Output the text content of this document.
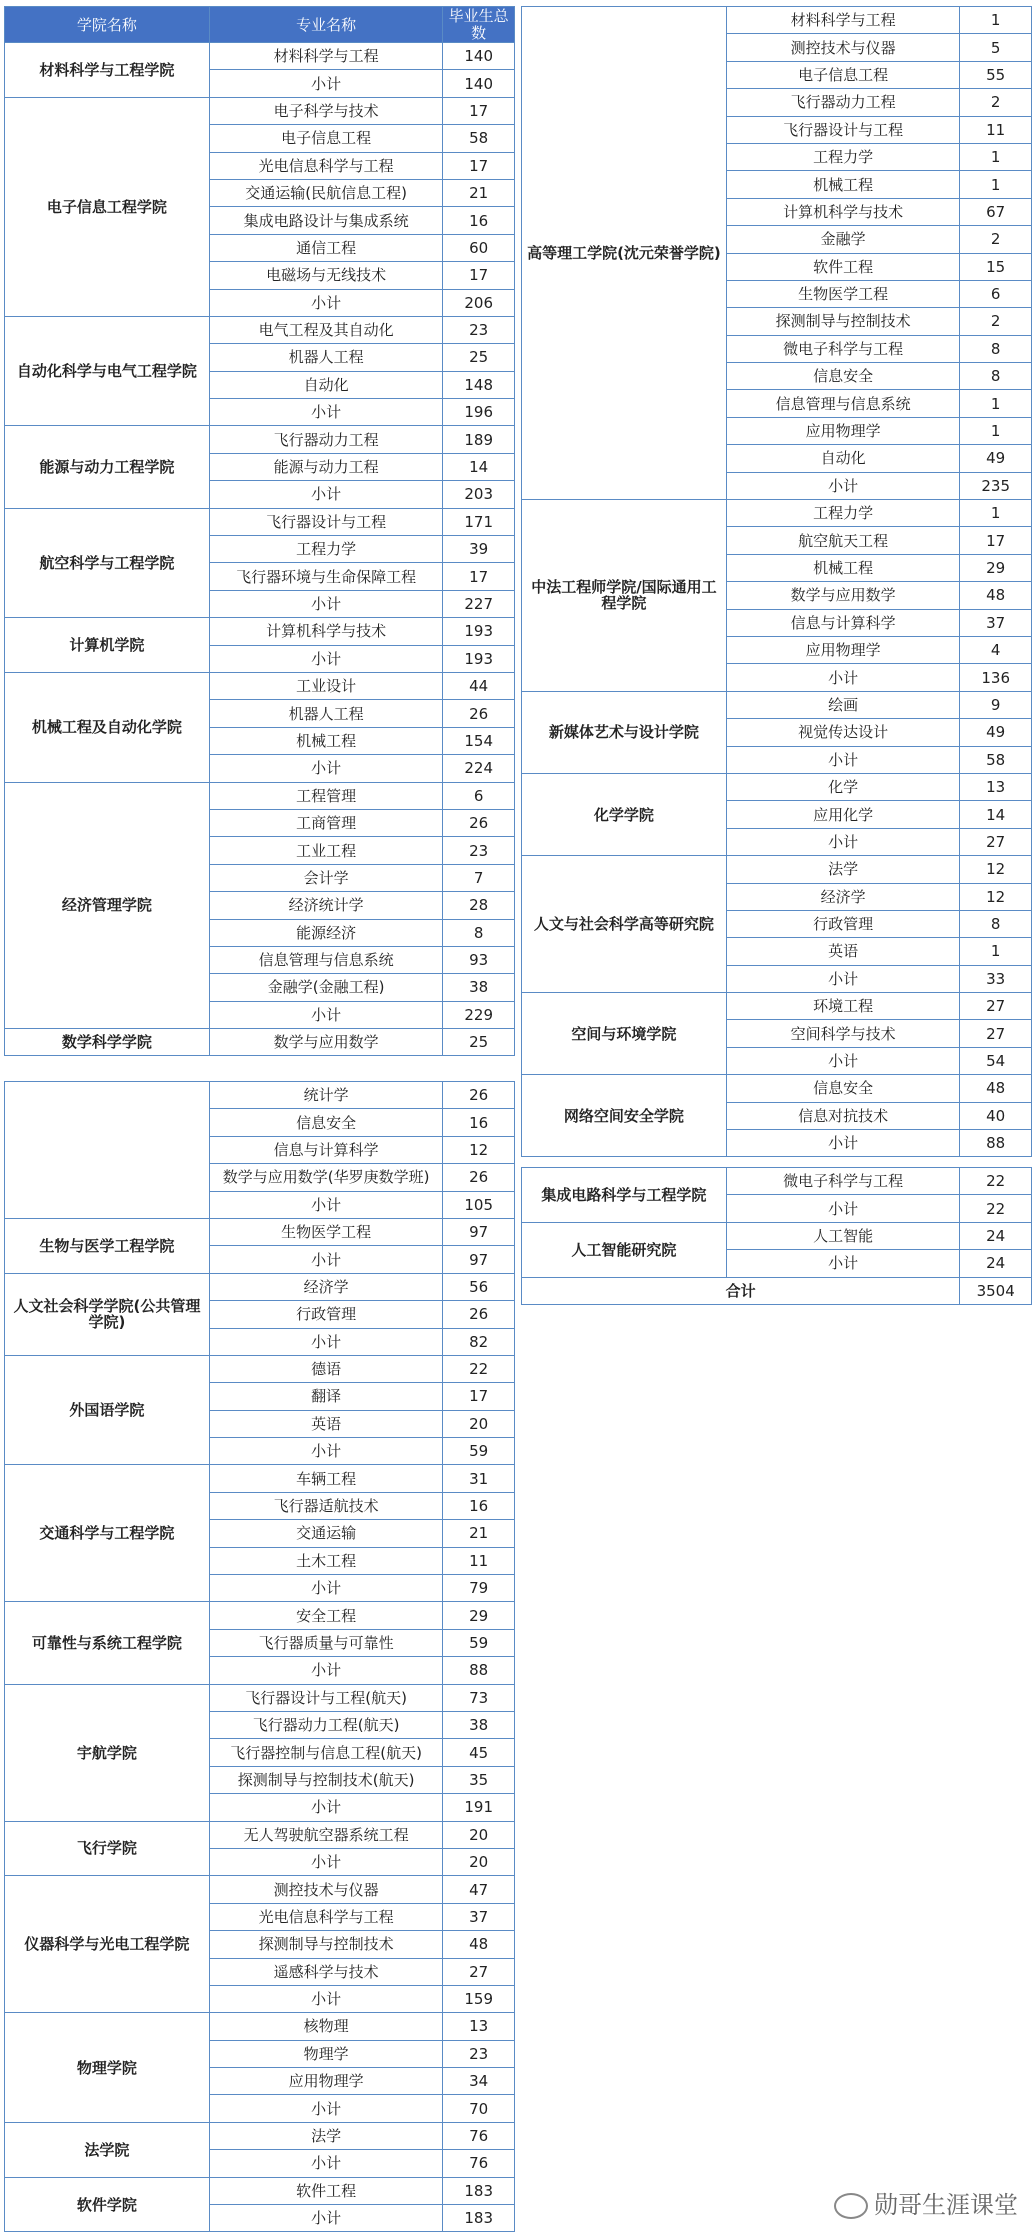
学院名称	专业名称	毕业生总数
材料科学与工程学院	材料科学与工程	140
	小计	140
电子信息工程学院	电子科学与技术	17
	电子信息工程	58
	光电信息科学与工程	17
	交通运输(民航信息工程)	21
	集成电路设计与集成系统	16
	通信工程	60
	电磁场与无线技术	17
	小计	206
自动化科学与电气工程学院	电气工程及其自动化	23
	机器人工程	25
	自动化	148
	小计	196
能源与动力工程学院	飞行器动力工程	189
	能源与动力工程	14
	小计	203
航空科学与工程学院	飞行器设计与工程	171
	工程力学	39
	飞行器环境与生命保障工程	17
	小计	227
计算机学院	计算机科学与技术	193
	小计	193
机械工程及自动化学院	工业设计	44
	机器人工程	26
	机械工程	154
	小计	224
经济管理学院	工程管理	6
	工商管理	26
	工业工程	23
	会计学	7
	经济统计学	28
	能源经济	8
	信息管理与信息系统	93
	金融学(金融工程)	38
	小计	229
数学科学学院	数学与应用数学	25
	统计学	26
	信息安全	16
	信息与计算科学	12
	数学与应用数学(华罗庚数学班)	26
	小计	105
生物与医学工程学院	生物医学工程	97
	小计	97
人文社会科学学院(公共管理学院)	经济学	56
	行政管理	26
	小计	82
外国语学院	德语	22
	翻译	17
	英语	20
	小计	59
交通科学与工程学院	车辆工程	31
	飞行器适航技术	16
	交通运输	21
	土木工程	11
	小计	79
可靠性与系统工程学院	安全工程	29
	飞行器质量与可靠性	59
	小计	88
宇航学院	飞行器设计与工程(航天)	73
	飞行器动力工程(航天)	38
	飞行器控制与信息工程(航天)	45
	探测制导与控制技术(航天)	35
	小计	191
飞行学院	无人驾驶航空器系统工程	20
	小计	20
仪器科学与光电工程学院	测控技术与仪器	47
	光电信息科学与工程	37
	探测制导与控制技术	48
	遥感科学与技术	27
	小计	159
物理学院	核物理	13
	物理学	23
	应用物理学	34
	小计	70
法学院	法学	76
	小计	76
软件学院	软件工程	183
	小计	183
高等理工学院(沈元荣誉学院)	材料科学与工程	1
	测控技术与仪器	5
	电子信息工程	55
	飞行器动力工程	2
	飞行器设计与工程	11
	工程力学	1
	机械工程	1
	计算机科学与技术	67
	金融学	2
	软件工程	15
	生物医学工程	6
	探测制导与控制技术	2
	微电子科学与工程	8
	信息安全	8
	信息管理与信息系统	1
	应用物理学	1
	自动化	49
	小计	235
中法工程师学院/国际通用工程学院	工程力学	1
	航空航天工程	17
	机械工程	29
	数学与应用数学	48
	信息与计算科学	37
	应用物理学	4
	小计	136
新媒体艺术与设计学院	绘画	9
	视觉传达设计	49
	小计	58
化学学院	化学	13
	应用化学	14
	小计	27
人文与社会科学高等研究院	法学	12
	经济学	12
	行政管理	8
	英语	1
	小计	33
空间与环境学院	环境工程	27
	空间科学与技术	27
	小计	54
网络空间安全学院	信息安全	48
	信息对抗技术	40
	小计	88
集成电路科学与工程学院	微电子科学与工程	22
	小计	22
人工智能研究院	人工智能	24
	小计	24
合计		3504
勋哥生涯课堂
